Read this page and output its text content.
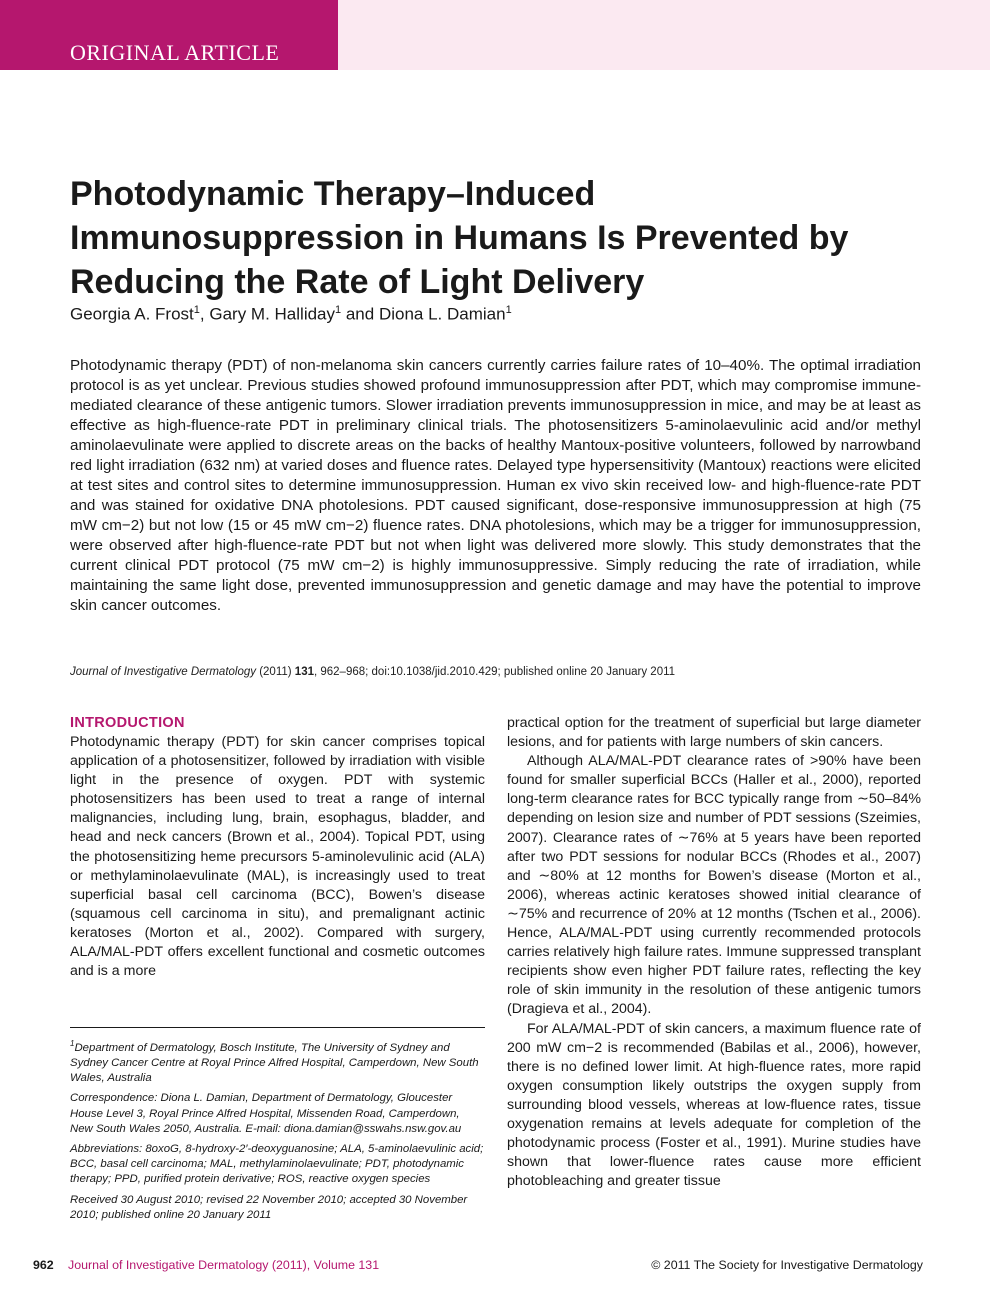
ORIGINAL ARTICLE
Photodynamic Therapy–Induced Immunosuppression in Humans Is Prevented by Reducing the Rate of Light Delivery
Georgia A. Frost$^1$, Gary M. Halliday$^1$ and Diona L. Damian$^1$

Photodynamic therapy (PDT) of non-melanoma skin cancers currently carries failure rates of 10–40%. The optimal irradiation protocol is as yet unclear. Previous studies showed profound immunosuppression after PDT, which may compromise immune-mediated clearance of these antigenic tumors. Slower irradiation prevents immunosuppression in mice, and may be at least as effective as high-fluence-rate PDT in preliminary clinical trials. The photosensitizers 5-aminolaevulinic acid and/or methyl aminolaevulinate were applied to discrete areas on the backs of healthy Mantoux-positive volunteers, followed by narrowband red light irradiation (632 nm) at varied doses and fluence rates. Delayed type hypersensitivity (Mantoux) reactions were elicited at test sites and control sites to determine immunosuppression. Human ex vivo skin received low- and high-fluence-rate PDT and was stained for oxidative DNA photolesions. PDT caused significant, dose-responsive immunosuppression at high (75 mW cm−2) but not low (15 or 45 mW cm−2) fluence rates. DNA photolesions, which may be a trigger for immunosuppression, were observed after high-fluence-rate PDT but not when light was delivered more slowly. This study demonstrates that the current clinical PDT protocol (75 mW cm−2) is highly immunosuppressive. Simply reducing the rate of irradiation, while maintaining the same light dose, prevented immunosuppression and genetic damage and may have the potential to improve skin cancer outcomes.

Journal of Investigative Dermatology (2011) 131, 962–968; doi:10.1038/jid.2010.429; published online 20 January 2011
INTRODUCTION

Photodynamic therapy (PDT) for skin cancer comprises topical application of a photosensitizer, followed by irradiation with visible light in the presence of oxygen. PDT with systemic photosensitizers has been used to treat a range of internal malignancies, including lung, brain, esophagus, bladder, and head and neck cancers (Brown et al., 2004). Topical PDT, using the photosensitizing heme precursors 5-aminolevulinic acid (ALA) or methylaminolaevulinate (MAL), is increasingly used to treat superficial basal cell carcinoma (BCC), Bowen’s disease (squamous cell carcinoma in situ), and premalignant actinic keratoses (Morton et al., 2002). Compared with surgery, ALA/MAL-PDT offers excellent functional and cosmetic outcomes and is a more

$^1$Department of Dermatology, Bosch Institute, The University of Sydney and Sydney Cancer Centre at Royal Prince Alfred Hospital, Camperdown, New South Wales, Australia

Correspondence: Diona L. Damian, Department of Dermatology, Gloucester House Level 3, Royal Prince Alfred Hospital, Missenden Road, Camperdown, New South Wales 2050, Australia. E-mail: diona.damian@sswahs.nsw.gov.au

Abbreviations: 8oxoG, 8-hydroxy-2′-deoxyguanosine; ALA, 5-aminolaevulinic acid; BCC, basal cell carcinoma; MAL, methylaminolaevulinate; PDT, photodynamic therapy; PPD, purified protein derivative; ROS, reactive oxygen species

Received 30 August 2010; revised 22 November 2010; accepted 30 November 2010; published online 20 January 2011

practical option for the treatment of superficial but large diameter lesions, and for patients with large numbers of skin cancers.

Although ALA/MAL-PDT clearance rates of >90% have been found for smaller superficial BCCs (Haller et al., 2000), reported long-term clearance rates for BCC typically range from ∼50–84% depending on lesion size and number of PDT sessions (Szeimies, 2007). Clearance rates of ∼76% at 5 years have been reported after two PDT sessions for nodular BCCs (Rhodes et al., 2007) and ∼80% at 12 months for Bowen’s disease (Morton et al., 2006), whereas actinic keratoses showed initial clearance of ∼75% and recurrence of 20% at 12 months (Tschen et al., 2006). Hence, ALA/MAL-PDT using currently recommended protocols carries relatively high failure rates. Immune suppressed transplant recipients show even higher PDT failure rates, reflecting the key role of skin immunity in the resolution of these antigenic tumors (Dragieva et al., 2004).

For ALA/MAL-PDT of skin cancers, a maximum fluence rate of 200 mW cm−2 is recommended (Babilas et al., 2006), however, there is no defined lower limit. At high-fluence rates, more rapid oxygen consumption likely outstrips the oxygen supply from surrounding blood vessels, whereas at low-fluence rates, tissue oxygenation remains at levels adequate for completion of the photodynamic process (Foster et al., 1991). Murine studies have shown that lower-fluence rates cause more efficient photobleaching and greater tissue

962 Journal of Investigative Dermatology (2011), Volume 131	© 2011 The Society for Investigative Dermatology
